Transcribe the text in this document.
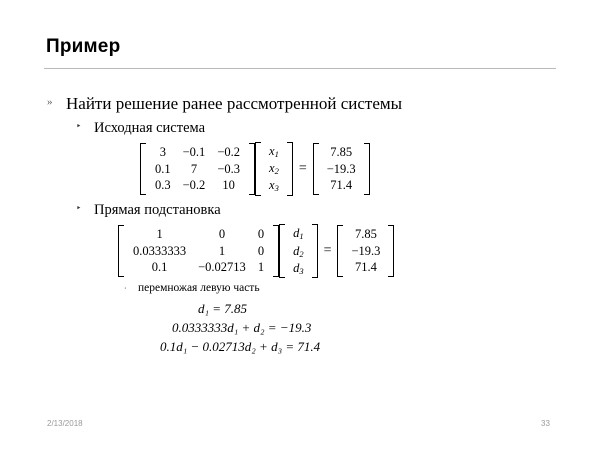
Пример
» Найти решение ранее рассмотренной системы
‣ Исходная система
3	−0.1	−0.2
0.1	7	−0.3
0.3	−0.2	10
$x_1$
$x_2$
$x_3$
=
7.85
−19.3
71.4
‣ Прямая подстановка
1	0	0
0.0333333	1	0
0.1	−0.02713	1
$d_1$
$d_2$
$d_3$
=
7.85
−19.3
71.4
‧ перемножая левую часть
d₁ = 7.85
0.0333333d₁ + d₂ = −19.3
0.1d₁ − 0.02713d₂ + d₃ = 71.4
2/13/2018	33
